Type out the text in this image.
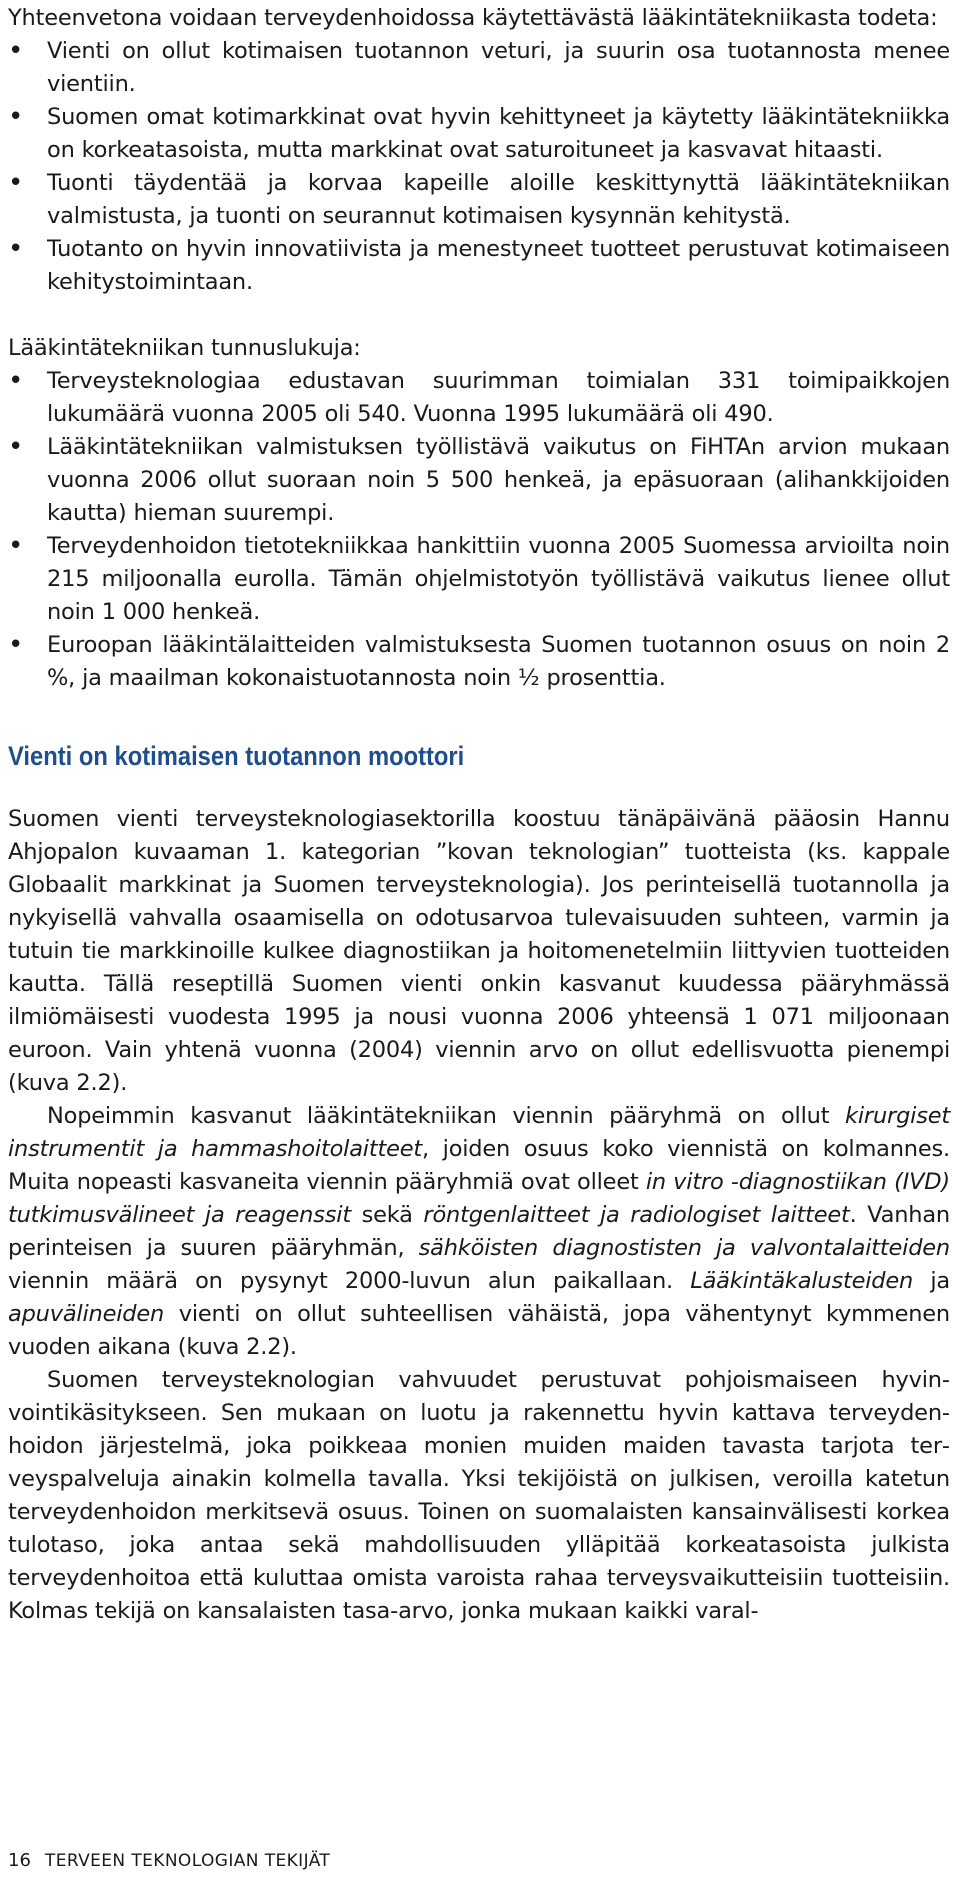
Yhteenvetona voidaan terveydenhoidossa käytettävästä lääkintätekniikasta todeta:

• Vienti on ollut kotimaisen tuotannon veturi, ja suurin osa tuotannosta menee vientiin.
• Suomen omat kotimarkkinat ovat hyvin kehittyneet ja käytetty lääkintätekniikka on korkeatasoista, mutta markkinat ovat saturoituneet ja kasvavat hitaasti.
• Tuonti täydentää ja korvaa kapeille aloille keskittynyttä lääkintätekniikan valmistusta, ja tuonti on seurannut kotimaisen kysynnän kehitystä.
• Tuotanto on hyvin innovatiivista ja menestyneet tuotteet perustuvat kotimaiseen kehitystoimintaan.

Lääkintätekniikan tunnuslukuja:

• Terveysteknologiaa edustavan suurimman toimialan 331 toimipaikkojen lukumäärä vuonna 2005 oli 540. Vuonna 1995 lukumäärä oli 490.
• Lääkintätekniikan valmistuksen työllistävä vaikutus on FiHTAn arvion mukaan vuonna 2006 ollut suoraan noin 5 500 henkeä, ja epäsuoraan (alihankkijoiden kautta) hieman suurempi.
• Terveydenhoidon tietotekniikkaa hankittiin vuonna 2005 Suomessa arvioilta noin 215 miljoonalla eurolla. Tämän ohjelmistotyön työllistävä vaikutus lienee ollut noin 1 000 henkeä.
• Euroopan lääkintälaitteiden valmistuksesta Suomen tuotannon osuus on noin 2 %, ja maailman kokonaistuotannosta noin ½ prosenttia.
Vienti on kotimaisen tuotannon moottori

Suomen vienti terveysteknologiasektorilla koostuu tänäpäivänä pääosin Hannu Ahjopalon kuvaaman 1. kategorian ”kovan teknologian” tuotteista (ks. kappale Globaalit markkinat ja Suomen terveysteknologia). Jos perinteisellä tuotannolla ja nykyisellä vahvalla osaamisella on odotusarvoa tulevaisuuden suhteen, varmin ja tutuin tie markkinoille kulkee diagnostiikan ja hoitomenetelmiin liittyvien tuotteiden kautta. Tällä reseptillä Suomen vienti onkin kasvanut kuudessa pääryhmässä ilmiömäisesti vuodesta 1995 ja nousi vuonna 2006 yhteensä 1 071 miljoonaan euroon. Vain yhtenä vuonna (2004) viennin arvo on ollut edellisvuotta pienempi (kuva 2.2).

Nopeimmin kasvanut lääkintätekniikan viennin pääryhmä on ollut kirurgiset instrumentit ja hammashoitolaitteet, joiden osuus koko viennistä on kolmannes. Muita nopeasti kasvaneita viennin pääryhmiä ovat olleet in vitro -diagnostiikan (IVD) tutkimusvälineet ja reagenssit sekä röntgenlaitteet ja radiologiset laitteet. Vanhan perinteisen ja suuren pääryhmän, sähköisten diagnostisten ja valvontalaitteiden viennin määrä on pysynyt 2000-luvun alun paikallaan. Lääkintäkalusteiden ja apuvälineiden vienti on ollut suhteellisen vähäistä, jopa vähentynyt kymmenen vuoden aikana (kuva 2.2).

Suomen terveysteknologian vahvuudet perustuvat pohjoismaiseen hyvinvointikäsitykseen. Sen mukaan on luotu ja rakennettu hyvin kattava terveydenhoidon järjestelmä, joka poikkeaa monien muiden maiden tavasta tarjota terveyspalveluja ainakin kolmella tavalla. Yksi tekijöistä on julkisen, veroilla katetun terveydenhoidon merkitsevä osuus. Toinen on suomalaisten kansainvälisesti korkea tulotaso, joka antaa sekä mahdollisuuden ylläpitää korkeatasoista julkista terveydenhoitoa että kuluttaa omista varoista rahaa terveysvaikutteisiin tuotteisiin. Kolmas tekijä on kansalaisten tasa-arvo, jonka mukaan kaikki varal-

16 TERVEEN TEKNOLOGIAN TEKIJÄT
